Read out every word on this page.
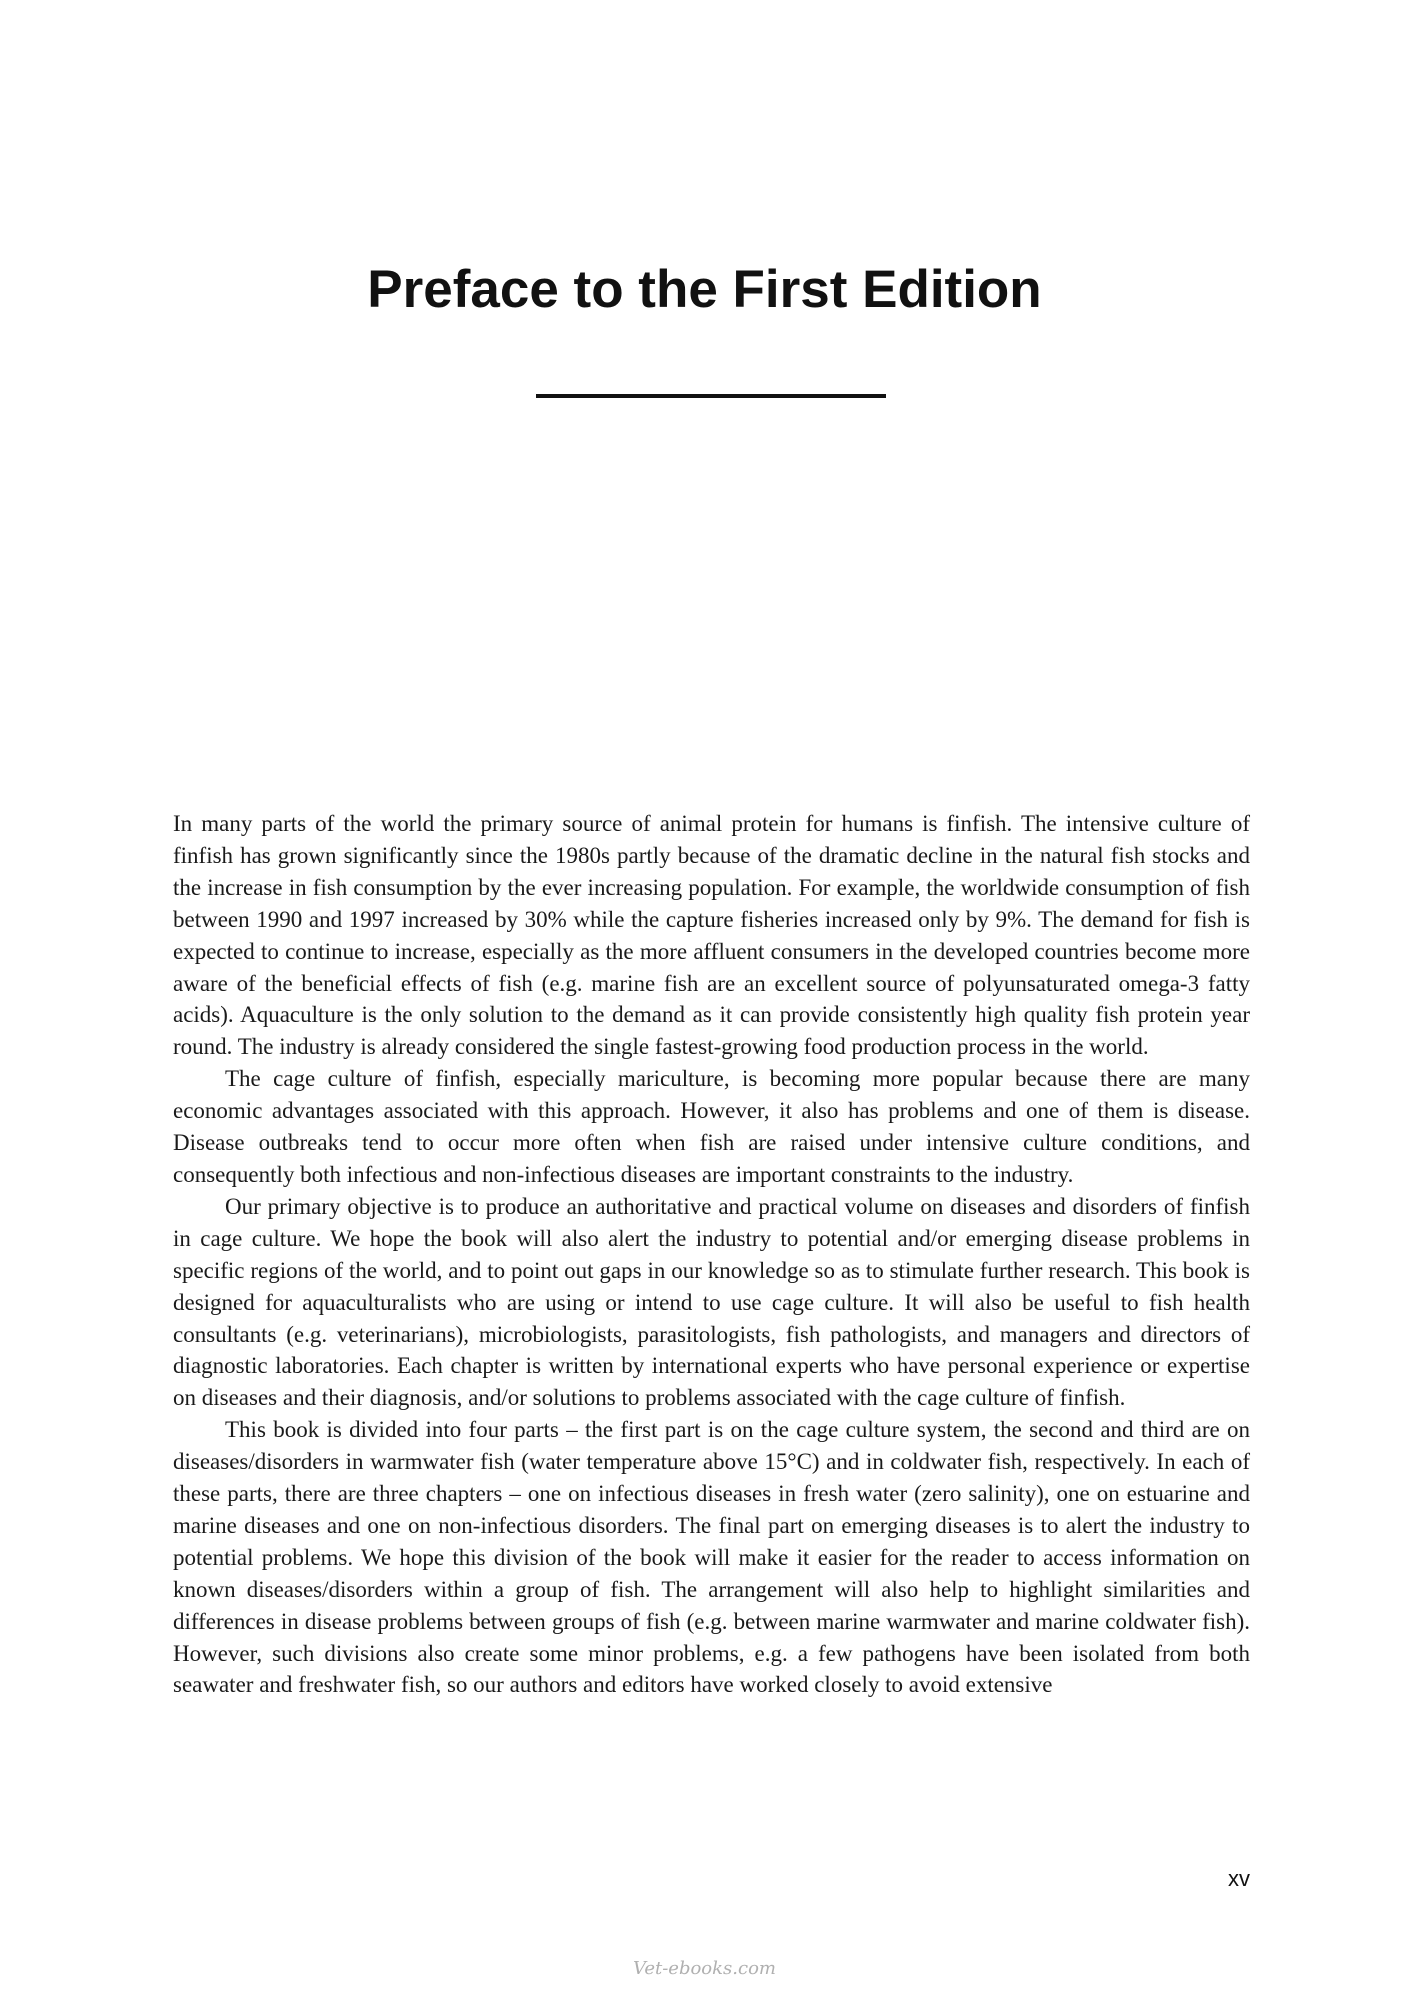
Preface to the First Edition

In many parts of the world the primary source of animal protein for humans is finfish. The intensive culture of finfish has grown significantly since the 1980s partly because of the dramatic decline in the natural fish stocks and the increase in fish consumption by the ever increasing population. For example, the worldwide consumption of fish between 1990 and 1997 increased by 30% while the capture fisheries increased only by 9%. The demand for fish is expected to continue to increase, especially as the more affluent consumers in the developed countries become more aware of the beneficial effects of fish (e.g. marine fish are an excellent source of polyunsaturated omega-3 fatty acids). Aquaculture is the only solution to the demand as it can provide consistently high quality fish protein year round. The industry is already considered the single fastest-growing food production process in the world.

The cage culture of finfish, especially mariculture, is becoming more popular because there are many economic advantages associated with this approach. However, it also has problems and one of them is disease. Disease outbreaks tend to occur more often when fish are raised under intensive culture conditions, and consequently both infectious and non-infectious diseases are important constraints to the industry.

Our primary objective is to produce an authoritative and practical volume on diseases and disorders of finfish in cage culture. We hope the book will also alert the industry to potential and/or emerging disease problems in specific regions of the world, and to point out gaps in our knowledge so as to stimulate further research. This book is designed for aquaculturalists who are using or intend to use cage culture. It will also be useful to fish health consultants (e.g. veterinarians), microbiologists, parasitologists, fish pathologists, and managers and directors of diagnostic laboratories. Each chapter is written by international experts who have personal experience or expertise on diseases and their diagnosis, and/or solutions to problems associated with the cage culture of finfish.

This book is divided into four parts – the first part is on the cage culture system, the second and third are on diseases/disorders in warmwater fish (water temperature above 15°C) and in coldwater fish, respectively. In each of these parts, there are three chapters – one on infectious diseases in fresh water (zero salinity), one on estuarine and marine diseases and one on non-infectious disorders. The final part on emerging diseases is to alert the industry to potential problems. We hope this division of the book will make it easier for the reader to access information on known diseases/disorders within a group of fish. The arrangement will also help to highlight similarities and differences in disease problems between groups of fish (e.g. between marine warmwater and marine coldwater fish). However, such divisions also create some minor problems, e.g. a few pathogens have been isolated from both seawater and freshwater fish, so our authors and editors have worked closely to avoid extensive

xv
Vet-ebooks.com
